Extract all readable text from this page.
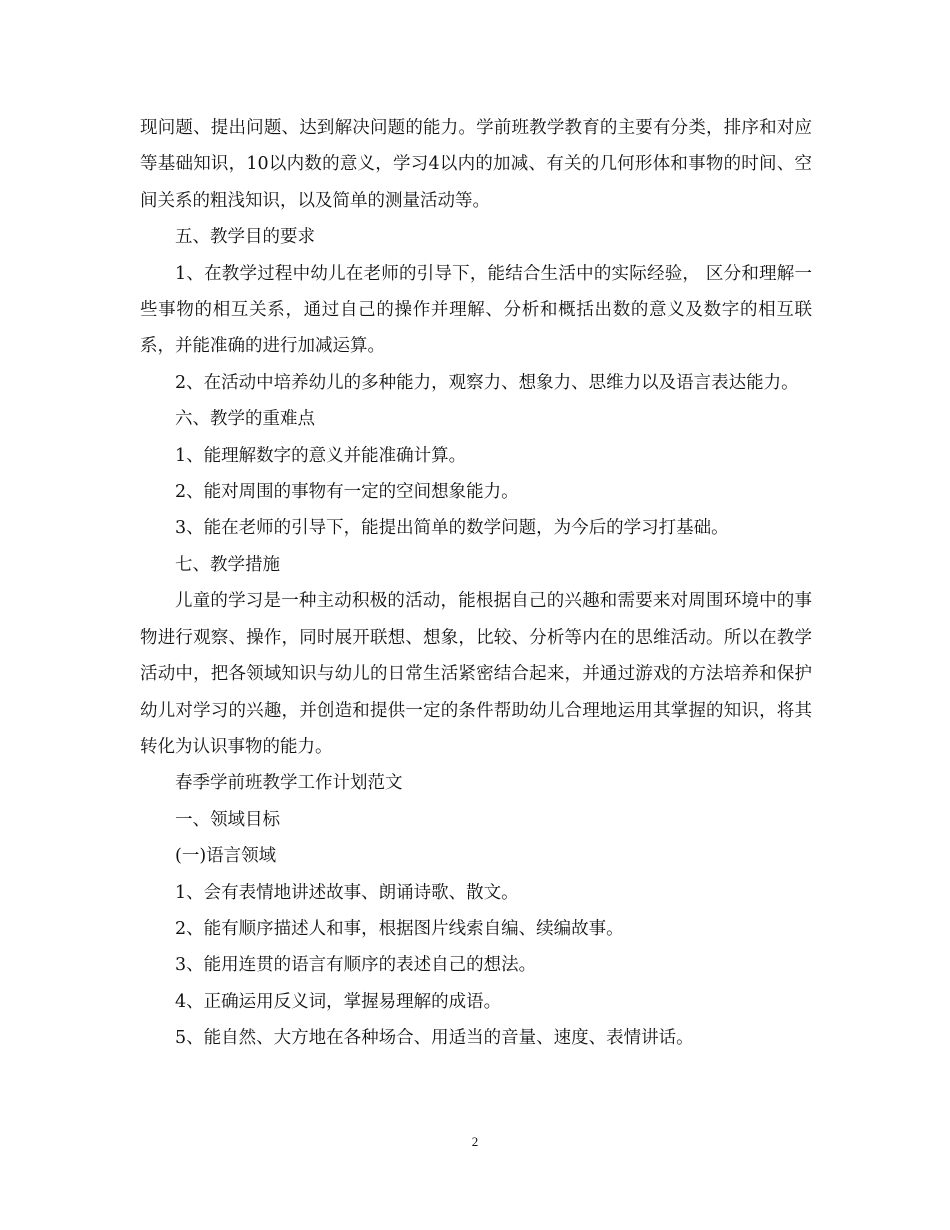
现问题、提出问题、达到解决问题的能力。学前班教学教育的主要有分类，排序和对应等基础知识，10以内数的意义，学习4以内的加减、有关的几何形体和事物的时间、空间关系的粗浅知识，以及简单的测量活动等。

五、教学目的要求

1、在教学过程中幼儿在老师的引导下，能结合生活中的实际经验， 区分和理解一些事物的相互关系，通过自己的操作并理解、分析和概括出数的意义及数字的相互联系，并能准确的进行加减运算。

2、在活动中培养幼儿的多种能力，观察力、想象力、思维力以及语言表达能力。

六、教学的重难点

1、能理解数字的意义并能准确计算。

2、能对周围的事物有一定的空间想象能力。

3、能在老师的引导下，能提出简单的数学问题，为今后的学习打基础。

七、教学措施

儿童的学习是一种主动积极的活动，能根据自己的兴趣和需要来对周围环境中的事物进行观察、操作，同时展开联想、想象，比较、分析等内在的思维活动。所以在教学活动中，把各领域知识与幼儿的日常生活紧密结合起来，并通过游戏的方法培养和保护幼儿对学习的兴趣，并创造和提供一定的条件帮助幼儿合理地运用其掌握的知识，将其转化为认识事物的能力。

春季学前班教学工作计划范文

一、领域目标

(一)语言领域

1、会有表情地讲述故事、朗诵诗歌、散文。

2、能有顺序描述人和事，根据图片线索自编、续编故事。

3、能用连贯的语言有顺序的表述自己的想法。

4、正确运用反义词，掌握易理解的成语。

5、能自然、大方地在各种场合、用适当的音量、速度、表情讲话。

2
